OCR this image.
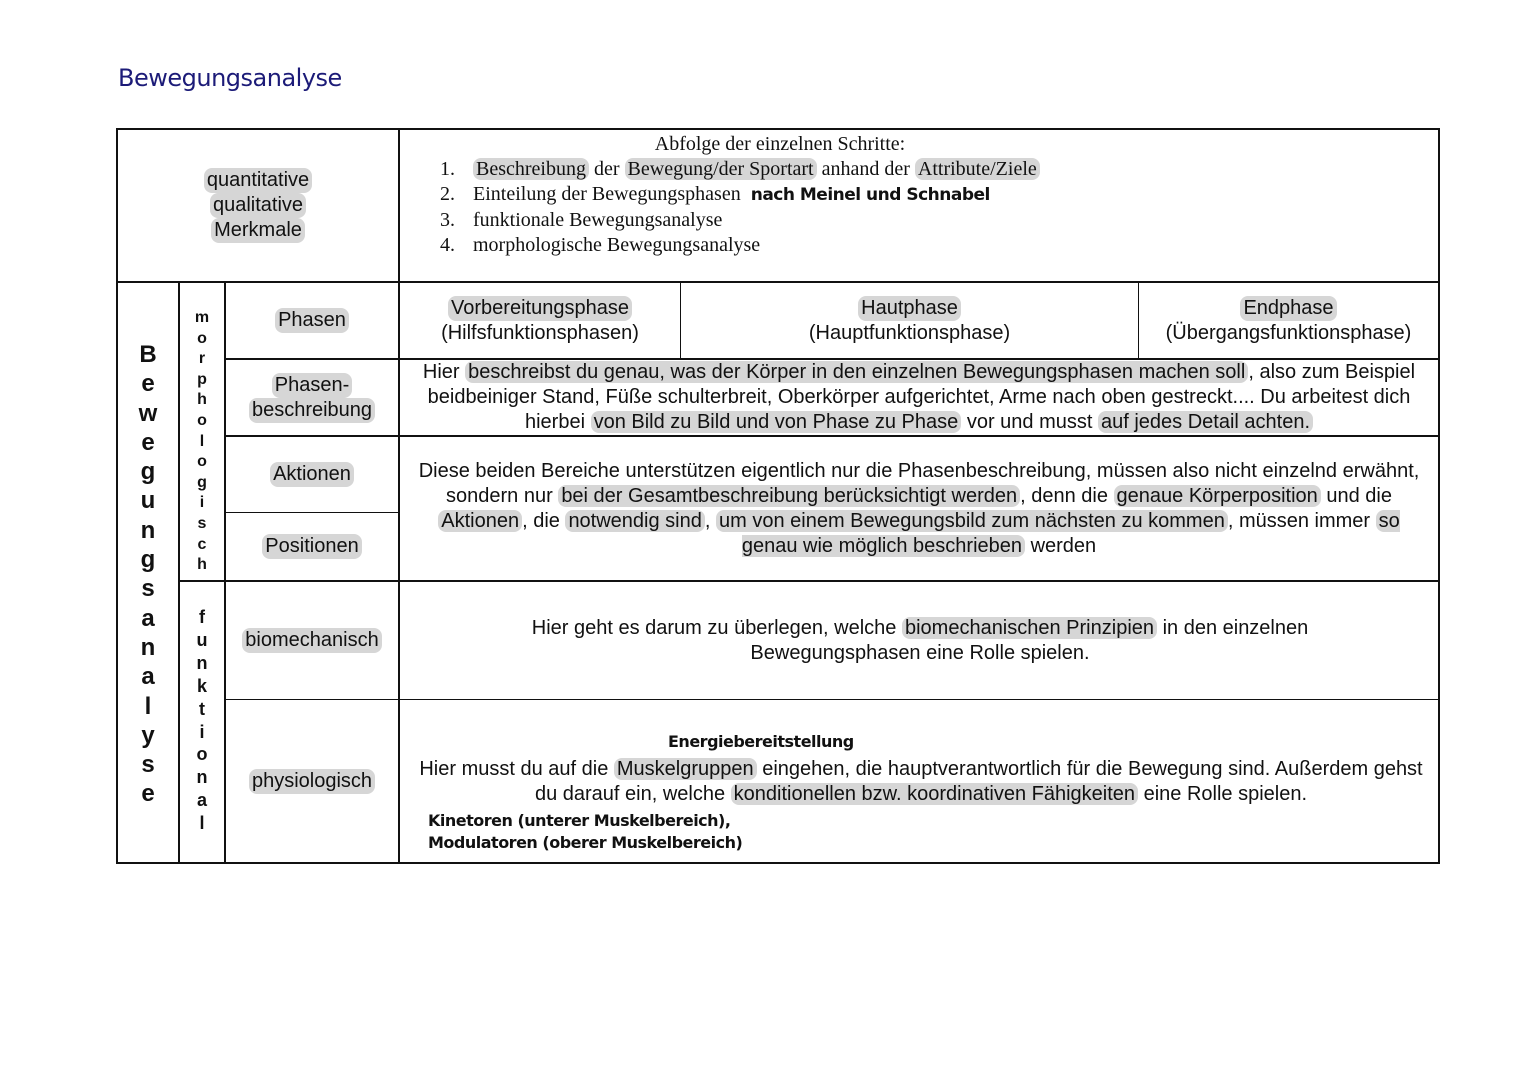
Bewegungsanalyse
quantitative
qualitative
Merkmale
Abfolge der einzelnen Schritte:
1. Beschreibung der Bewegung/der Sportart anhand der Attribute/Ziele
2. Einteilung der Bewegungsphasen nach Meinel und Schnabel
3. funktionale Bewegungsanalyse
4. morphologische Bewegungsanalyse
B
e
w
e
g
u
n
g
s
a
n
a
l
y
s
e
m
o
r
p
h
o
l
o
g
i
s
c
h
f
u
n
k
t
i
o
n
a
l
Phasen
Phasen-
beschreibung
Aktionen
Positionen
biomechanisch
physiologisch
Vorbereitungsphase
(Hilfsfunktionsphasen)
Hautphase
(Hauptfunktionsphase)
Endphase
(Übergangsfunktionsphase)
Hier beschreibst du genau, was der Körper in den einzelnen Bewegungsphasen machen soll , also zum Beispiel beidbeiniger Stand, Füße schulterbreit, Oberkörper aufgerichtet, Arme nach oben gestreckt.... Du arbeitest dich hierbei von Bild zu Bild und von Phase zu Phase vor und musst auf jedes Detail achten.
Diese beiden Bereiche unterstützen eigentlich nur die Phasenbeschreibung, müssen also nicht einzelnd erwähnt, sondern nur bei der Gesamtbeschreibung berücksichtigt werden , denn die genaue Körperposition und die Aktionen , die notwendig sind , um von einem Bewegungsbild zum nächsten zu kommen , müssen immer so genau wie möglich beschrieben werden
Hier geht es darum zu überlegen, welche biomechanischen Prinzipien in den einzelnen Bewegungsphasen eine Rolle spielen.
Energiebereitstellung
Hier musst du auf die Muskelgruppen eingehen, die hauptverantwortlich für die Bewegung sind. Außerdem gehst du darauf ein, welche konditionellen bzw. koordinativen Fähigkeiten eine Rolle spielen.
Kinetoren (unterer Muskelbereich),
Modulatoren (oberer Muskelbereich)
